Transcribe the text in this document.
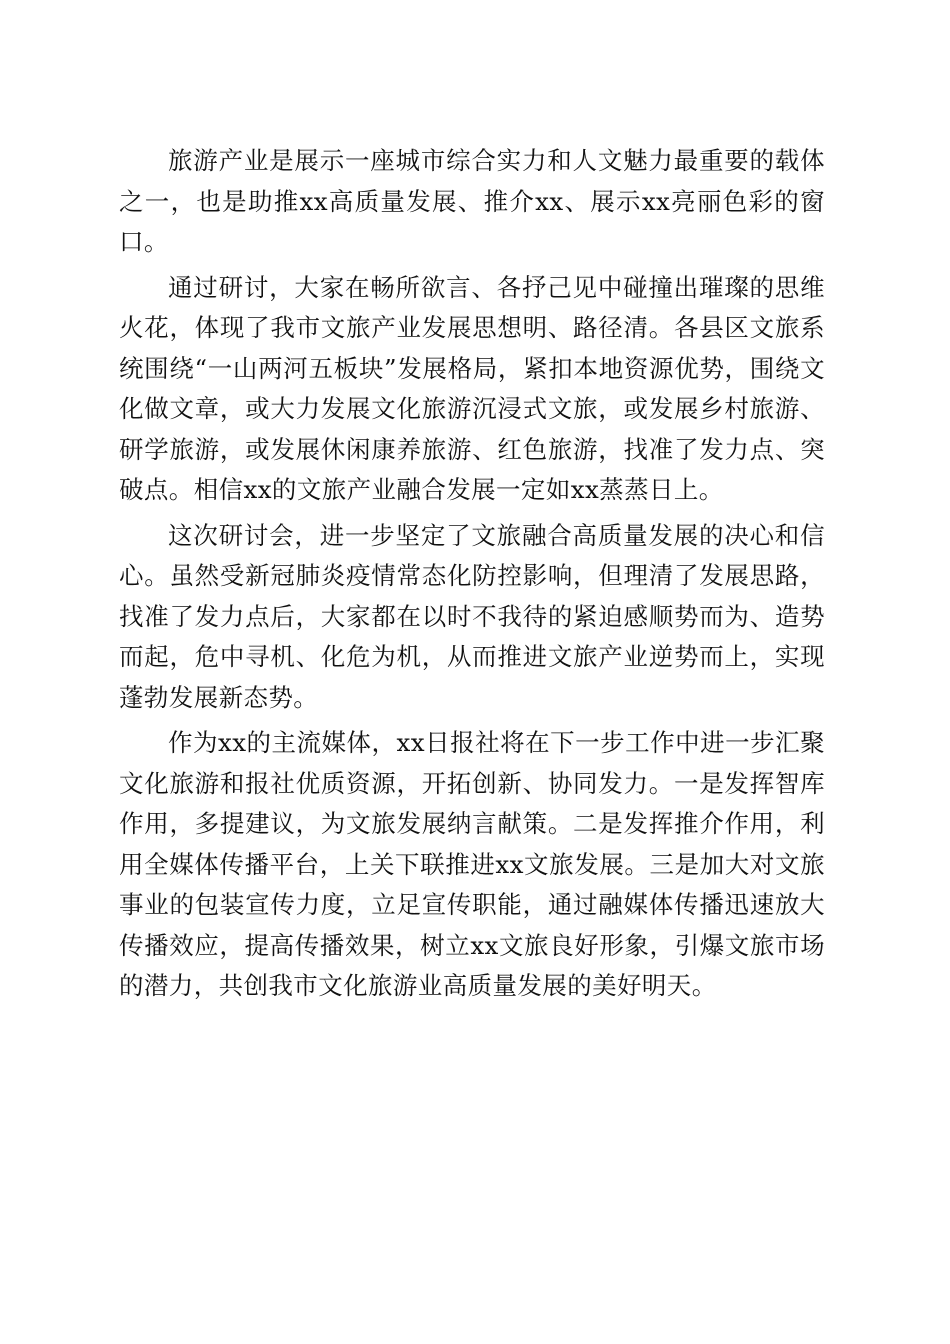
旅游产业是展示一座城市综合实力和人文魅力最重要的载体之一，也是助推xx高质量发展、推介xx、展示xx亮丽色彩的窗口。

通过研讨，大家在畅所欲言、各抒己见中碰撞出璀璨的思维火花，体现了我市文旅产业发展思想明、路径清。各县区文旅系统围绕“一山两河五板块”发展格局，紧扣本地资源优势，围绕文化做文章，或大力发展文化旅游沉浸式文旅，或发展乡村旅游、研学旅游，或发展休闲康养旅游、红色旅游，找准了发力点、突破点。相信xx的文旅产业融合发展一定如xx蒸蒸日上。

这次研讨会，进一步坚定了文旅融合高质量发展的决心和信心。虽然受新冠肺炎疫情常态化防控影响，但理清了发展思路，找准了发力点后，大家都在以时不我待的紧迫感顺势而为、造势而起，危中寻机、化危为机，从而推进文旅产业逆势而上，实现蓬勃发展新态势。

作为xx的主流媒体，xx日报社将在下一步工作中进一步汇聚文化旅游和报社优质资源，开拓创新、协同发力。一是发挥智库作用，多提建议，为文旅发展纳言献策。二是发挥推介作用，利用全媒体传播平台，上关下联推进xx文旅发展。三是加大对文旅事业的包装宣传力度，立足宣传职能，通过融媒体传播迅速放大传播效应，提高传播效果，树立xx文旅良好形象，引爆文旅市场的潜力，共创我市文化旅游业高质量发展的美好明天。
